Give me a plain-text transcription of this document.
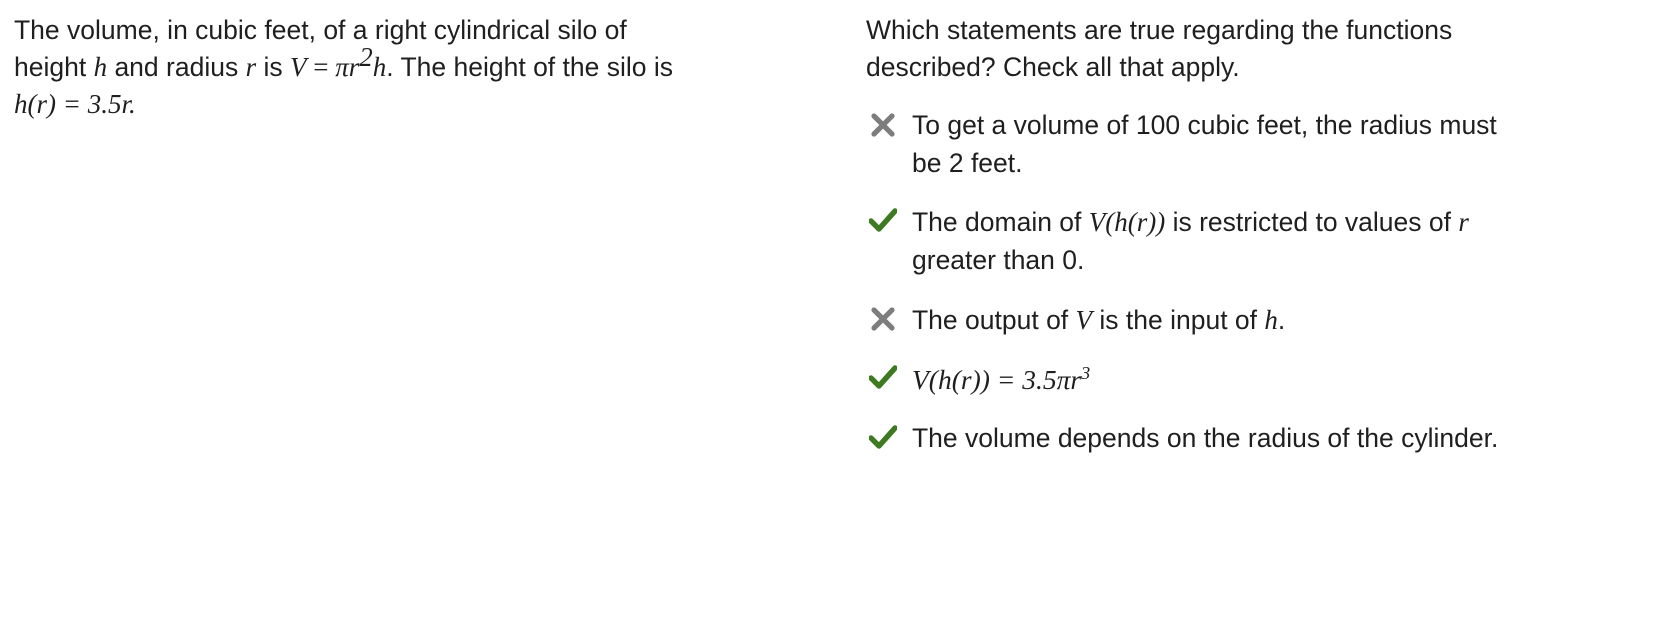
The volume, in cubic feet, of a right cylindrical silo of
height h and radius r is $V = \pi r^2h$. The height of the silo is
h(r) = 3.5r.
Which statements are true regarding the functions
described? Check all that apply.
To get a volume of 100 cubic feet, the radius must
be 2 feet.
The domain of V(h(r)) is restricted to values of r
greater than 0.
The output of V is the input of h.
$V(h(r)) = 3.5\pi r^3$
The volume depends on the radius of the cylinder.
